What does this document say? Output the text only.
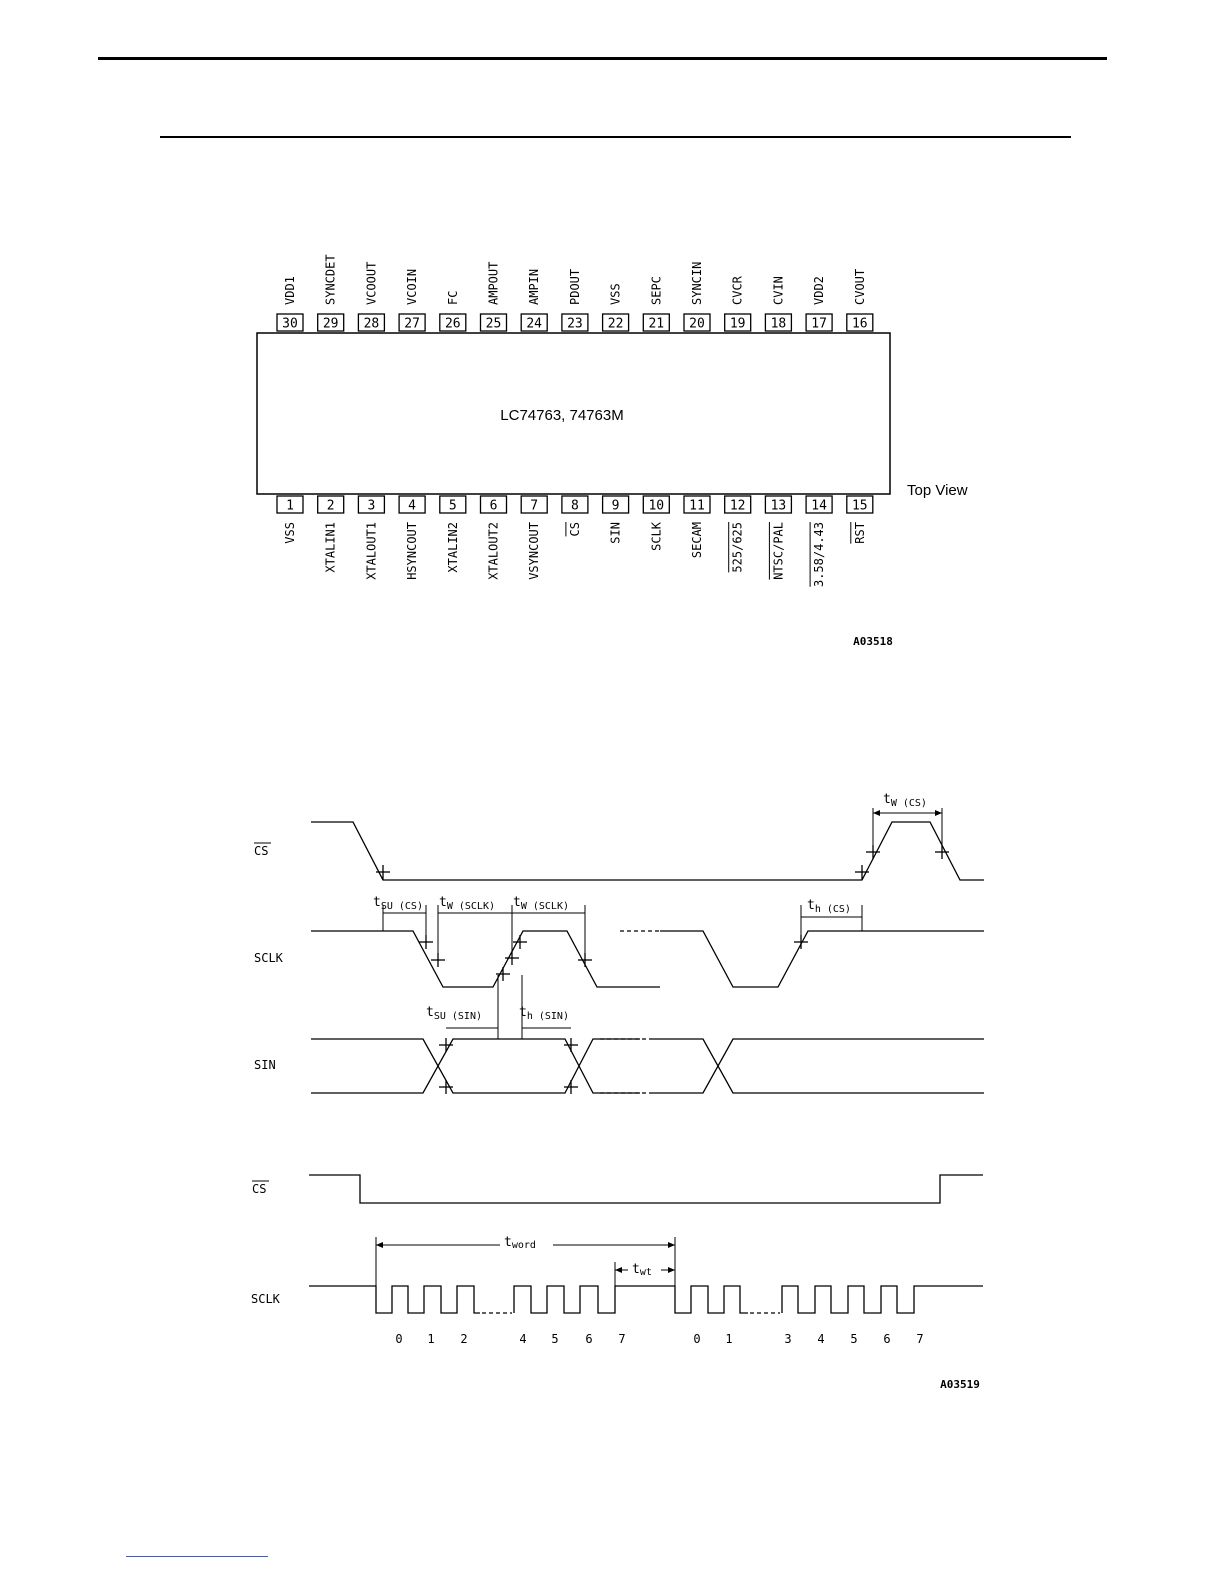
LC74763, 74763M
Top View
30
VDD1
29
SYNCDET
28
VCOOUT
27
VCOIN
26
FC
25
AMPOUT
24
AMPIN
23
PDOUT
22
VSS
21
SEPC
20
SYNCIN
19
CVCR
18
CVIN
17
VDD2
16
CVOUT
1
VSS
2
XTALIN1
3
XTALOUT1
4
HSYNCOUT
5
XTALIN2
6
XTALOUT2
7
VSYNCOUT
8
CS
9
SIN
10
SCLK
11
SECAM
12
525/625
13
NTSC/PAL
14
3.58/4.43
15
RST
A03518
CS
SCLK
SIN
CS
SCLK
$t_{W (CS)}$
$t_{SU (CS)}$ $t_{W (SCLK)}$ $t_{W (SCLK)}$	$t_{h (CS)}$
$t_{SU (SIN)}$	$t_{h (SIN)}$
tword
twt
0 1 2	4 5 6 7	0 1	3 4 5 6 7
A03519
